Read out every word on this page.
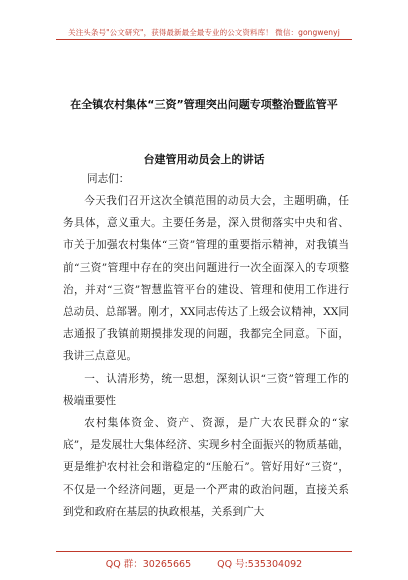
关注头条号"公文研究"，获得最新最全最专业的公文资料库！ 微信：gongwenyj
在全镇农村集体“三资”管理突出问题专项整治暨监管平
台建管用动员会上的讲话
同志们：

今天我们召开这次全镇范围的动员大会，主题明确，任务具体，意义重大。主要任务是，深入贯彻落实中央和省、市关于加强农村集体“三资”管理的重要指示精神，对我镇当前“三资”管理中存在的突出问题进行一次全面深入的专项整治，并对“三资”智慧监管平台的建设、管理和使用工作进行总动员、总部署。刚才，XX同志传达了上级会议精神，XX同志通报了我镇前期摸排发现的问题，我都完全同意。下面，我讲三点意见。

一、认清形势，统一思想，深刻认识“三资”管理工作的极端重要性

农村集体资金、资产、资源，是广大农民群众的“家底”，是发展壮大集体经济、实现乡村全面振兴的物质基础，更是维护农村社会和谐稳定的“压舱石”。管好用好“三资”，不仅是一个经济问题，更是一个严肃的政治问题，直接关系到党和政府在基层的执政根基，关系到广大

QQ 群：30265665	QQ 号:535304092
